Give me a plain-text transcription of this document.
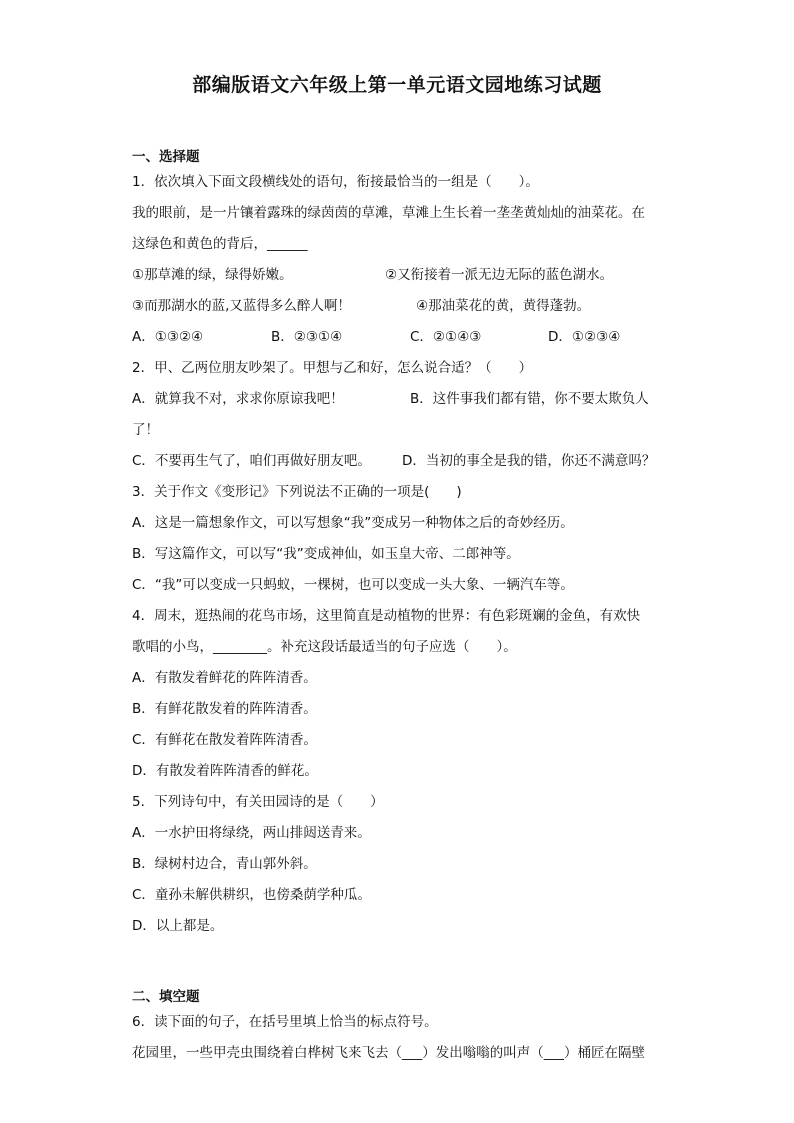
部编版语文六年级上第一单元语文园地练习试题
一、选择题
1．依次填入下面文段横线处的语句，衔接最恰当的一组是（　　）。
我的眼前，是一片镶着露珠的绿茵茵的草滩，草滩上生长着一垄垄黄灿灿的油菜花。在
这绿色和黄色的背后，______
①那草滩的绿，绿得娇嫩。	②又衔接着一派无边无际的蓝色湖水。
③而那湖水的蓝,又蓝得多么醉人啊！	④那油菜花的黄，黄得蓬勃。
A．①③②④	B．②③①④	C．②①④③	D．①②③④
2．甲、乙两位朋友吵架了。甲想与乙和好，怎么说合适？（　　）
A．就算我不对，求求你原谅我吧！	B．这件事我们都有错，你不要太欺负人
了！
C．不要再生气了，咱们再做好朋友吧。 D．当初的事全是我的错，你还不满意吗？
3．关于作文《变形记》下列说法不正确的一项是(　　)
A．这是一篇想象作文，可以写想象“我”变成另一种物体之后的奇妙经历。
B．写这篇作文，可以写“我”变成神仙，如玉皇大帝、二郎神等。
C．“我”可以变成一只蚂蚁，一棵树，也可以变成一头大象、一辆汽车等。
4．周末，逛热闹的花鸟市场，这里简直是动植物的世界：有色彩斑斓的金鱼，有欢快
歌唱的小鸟，________。补充这段话最适当的句子应选（　　）。
A．有散发着鲜花的阵阵清香。
B．有鲜花散发着的阵阵清香。
C．有鲜花在散发着阵阵清香。
D．有散发着阵阵清香的鲜花。
5．下列诗句中，有关田园诗的是（　　）
A．一水护田将绿绕，两山排闼送青来。
B．绿树村边合，青山郭外斜。
C．童孙未解供耕织，也傍桑荫学种瓜。
D．以上都是。
二、填空题
6．读下面的句子，在括号里填上恰当的标点符号。
花园里，一些甲壳虫围绕着白桦树飞来飞去（___）发出嗡嗡的叫声（___）桶匠在隔壁
